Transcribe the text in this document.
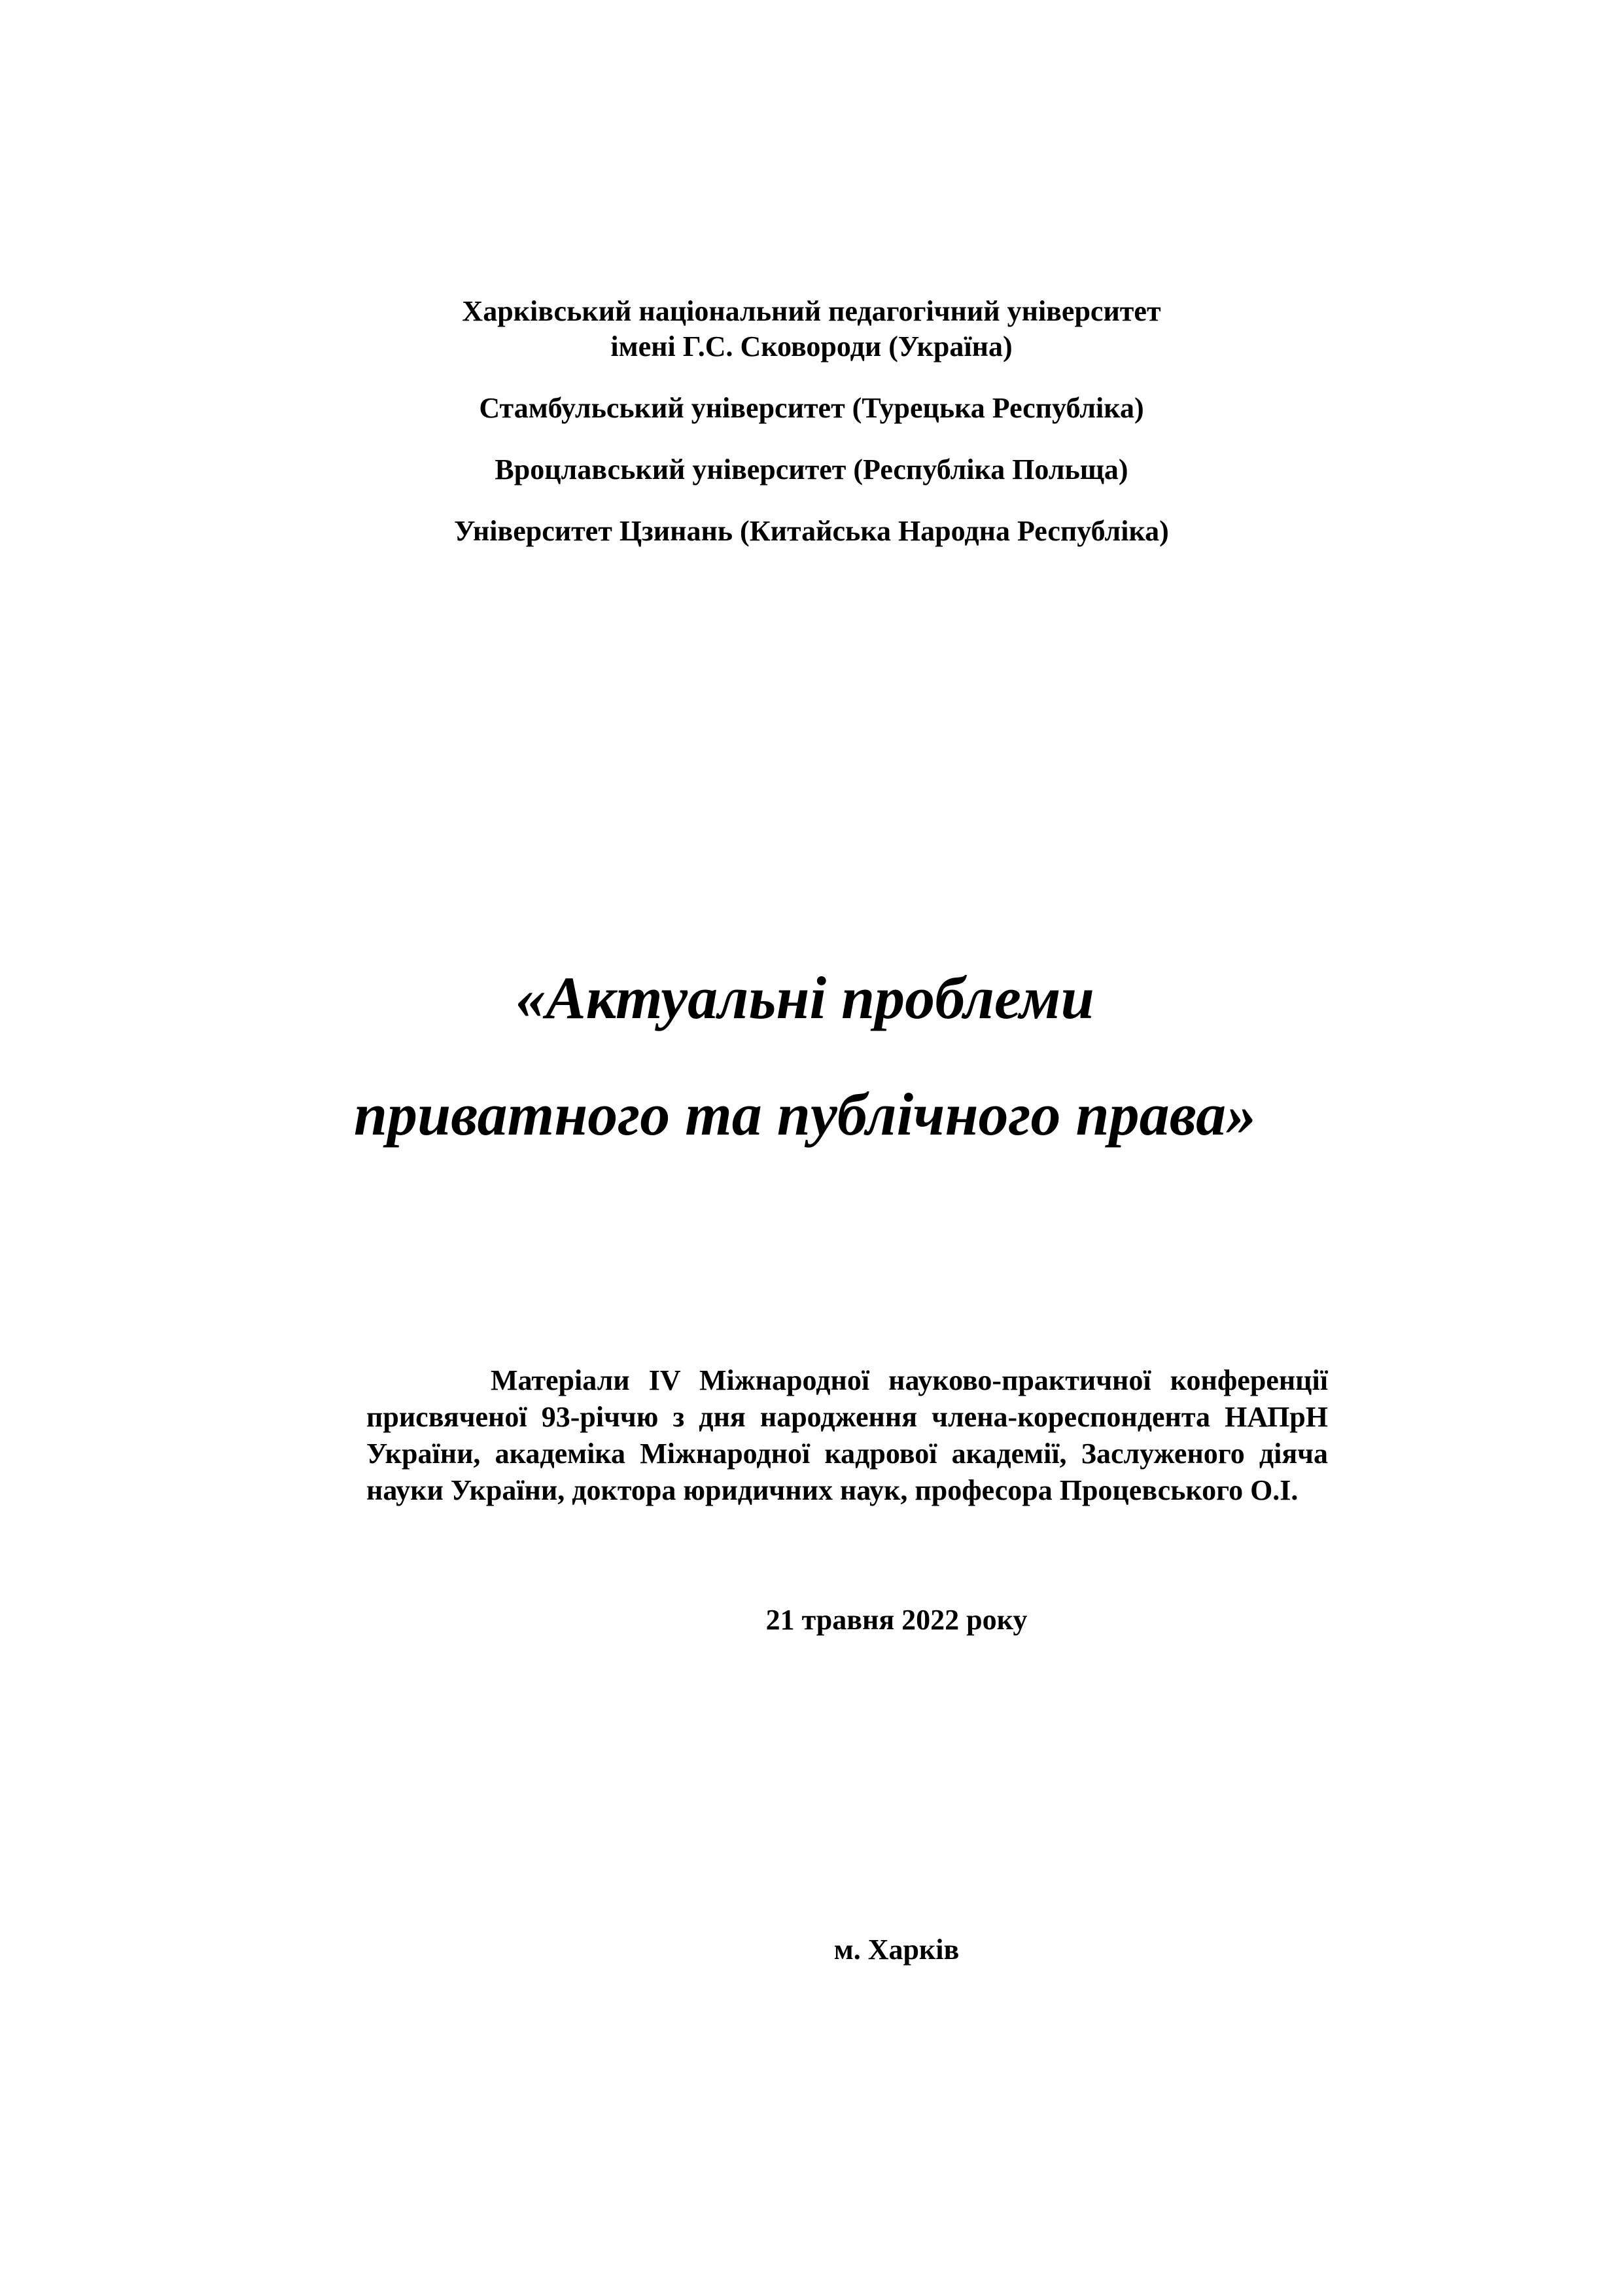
Харківський національний педагогічний університет

імені Г.С. Сковороди (Україна)

Стамбульський університет (Турецька Республіка)

Вроцлавський університет (Республіка Польща)

Університет Цзинань (Китайська Народна Республіка)

«Актуальні проблеми

приватного та публічного права»

Матеріали IV Міжнародної науково-практичної конференції присвяченої 93-річчю з дня народження члена-кореспондента НАПрН України, академіка Міжнародної кадрової академії, Заслуженого діяча науки України, доктора юридичних наук, професора Процевського О.І.

21 травня 2022 року

м. Харків
